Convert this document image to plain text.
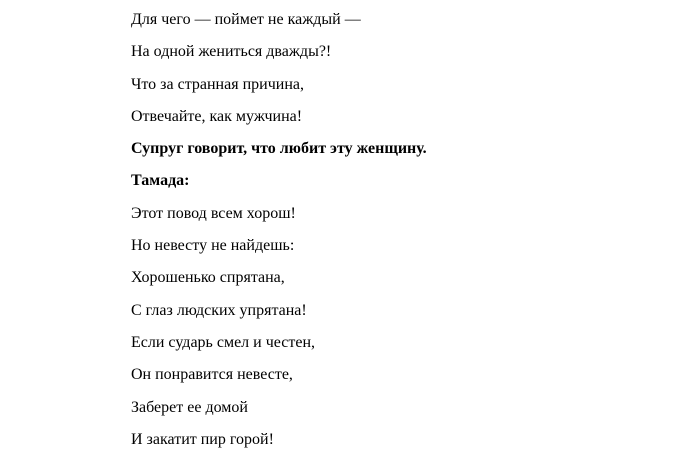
Для чего — поймет не каждый —
На одной жениться дважды?!
Что за странная причина,
Отвечайте, как мужчина!
Супруг говорит, что любит эту женщину.
Тамада:
Этот повод всем хорош!
Но невесту не найдешь:
Хорошенько спрятана,
С глаз людских упрятана!
Если сударь смел и честен,
Он понравится невесте,
Заберет ее домой
И закатит пир горой!
